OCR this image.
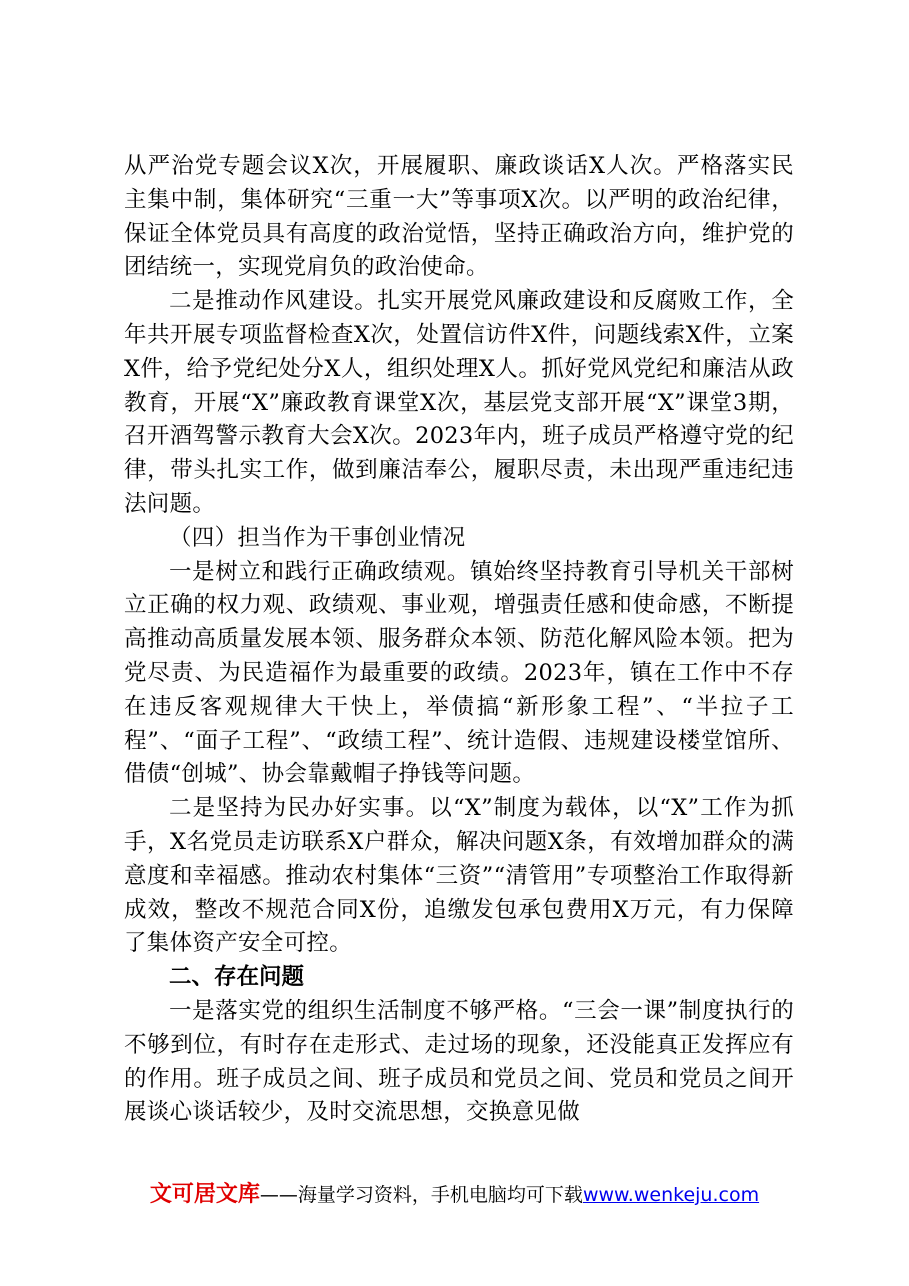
从严治党专题会议X次，开展履职、廉政谈话X人次。严格落实民主集中制，集体研究“三重一大”等事项X次。以严明的政治纪律，保证全体党员具有高度的政治觉悟，坚持正确政治方向，维护党的团结统一，实现党肩负的政治使命。

二是推动作风建设。扎实开展党风廉政建设和反腐败工作，全年共开展专项监督检查X次，处置信访件X件，问题线索X件，立案X件，给予党纪处分X人，组织处理X人。抓好党风党纪和廉洁从政教育，开展“X”廉政教育课堂X次，基层党支部开展“X”课堂3期，召开酒驾警示教育大会X次。2023年内，班子成员严格遵守党的纪律，带头扎实工作，做到廉洁奉公，履职尽责，未出现严重违纪违法问题。

（四）担当作为干事创业情况

一是树立和践行正确政绩观。镇始终坚持教育引导机关干部树立正确的权力观、政绩观、事业观，增强责任感和使命感，不断提高推动高质量发展本领、服务群众本领、防范化解风险本领。把为党尽责、为民造福作为最重要的政绩。2023年，镇在工作中不存在违反客观规律大干快上，举债搞“新形象工程”、“半拉子工程”、“面子工程”、“政绩工程”、统计造假、违规建设楼堂馆所、借债“创城”、协会靠戴帽子挣钱等问题。

二是坚持为民办好实事。以“X”制度为载体，以“X”工作为抓手，X名党员走访联系X户群众，解决问题X条，有效增加群众的满意度和幸福感。推动农村集体“三资”“清管用”专项整治工作取得新成效，整改不规范合同X份，追缴发包承包费用X万元，有力保障了集体资产安全可控。

二、存在问题

一是落实党的组织生活制度不够严格。“三会一课”制度执行的不够到位，有时存在走形式、走过场的现象，还没能真正发挥应有的作用。班子成员之间、班子成员和党员之间、党员和党员之间开展谈心谈话较少，及时交流思想，交换意见做

文可居文库——海量学习资料，手机电脑均可下载www.wenkeju.com
